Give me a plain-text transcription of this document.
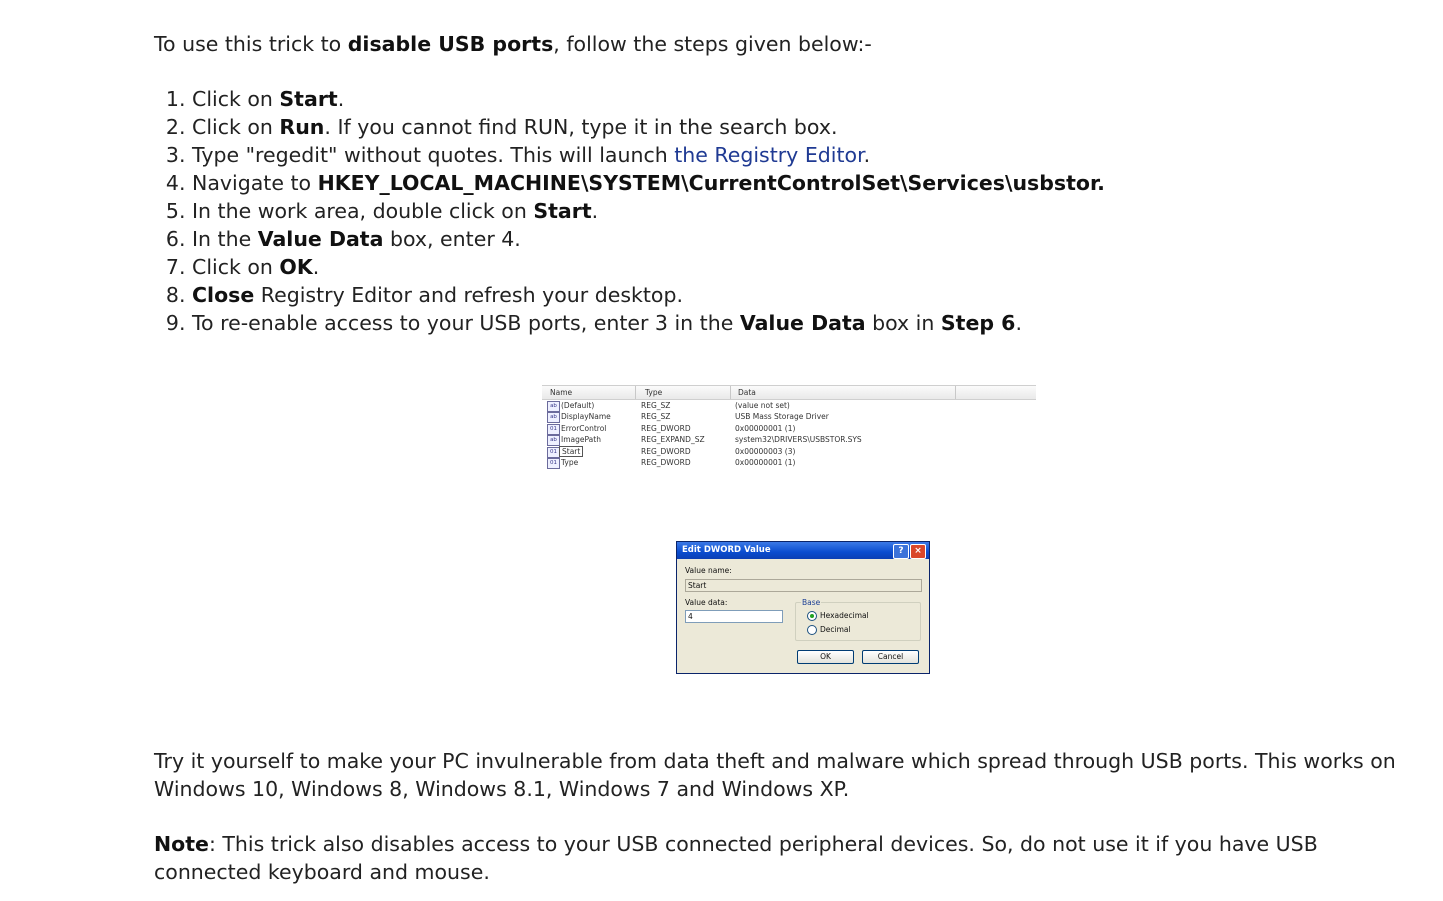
To use this trick to disable USB ports, follow the steps given below:-

1. Click on Start.
2. Click on Run. If you cannot find RUN, type it in the search box.
3. Type "regedit" without quotes. This will launch the Registry Editor.
4. Navigate to HKEY_LOCAL_MACHINE\SYSTEM\CurrentControlSet\Services\usbstor.
5. In the work area, double click on Start.
6. In the Value Data box, enter 4.
7. Click on OK.
8. Close Registry Editor and refresh your desktop.
9. To re-enable access to your USB ports, enter 3 in the Value Data box in Step 6.
Name	Type	Data
ab (Default)	REG_SZ	(value not set)
ab DisplayName	REG_SZ	USB Mass Storage Driver
01 ErrorControl	REG_DWORD	0x00000001 (1)
ab ImagePath	REG_EXPAND_SZ	system32\DRIVERS\USBSTOR.SYS
01 Start	REG_DWORD	0x00000003 (3)
01 Type	REG_DWORD	0x00000001 (1)
Edit DWORD Value	?	×
Value name:
Start
Value data:
4
Base
Hexadecimal
Decimal
OK	Cancel

Try it yourself to make your PC invulnerable from data theft and malware which spread through USB ports. This works on Windows 10, Windows 8, Windows 8.1, Windows 7 and Windows XP.

Note: This trick also disables access to your USB connected peripheral devices. So, do not use it if you have USB connected keyboard and mouse.
